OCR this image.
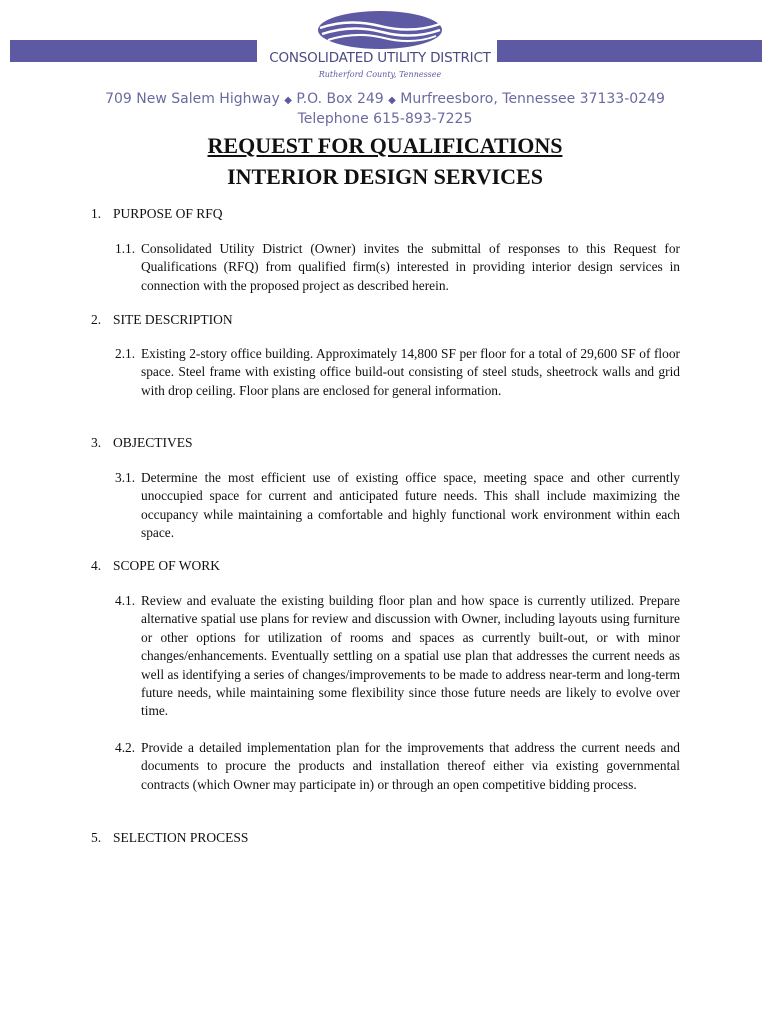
CONSOLIDATED UTILITY DISTRICT
Rutherford County, Tennessee
709 New Salem Highway ◆ P.O. Box 249 ◆ Murfreesboro, Tennessee 37133-0249
Telephone 615-893-7225
REQUEST FOR QUALIFICATIONS
INTERIOR DESIGN SERVICES
1. PURPOSE OF RFQ
1.1. Consolidated Utility District (Owner) invites the submittal of responses to this Request for Qualifications (RFQ) from qualified firm(s) interested in providing interior design services in connection with the proposed project as described herein.
2. SITE DESCRIPTION
2.1. Existing 2-story office building. Approximately 14,800 SF per floor for a total of 29,600 SF of floor space. Steel frame with existing office build-out consisting of steel studs, sheetrock walls and grid with drop ceiling. Floor plans are enclosed for general information.
3. OBJECTIVES
3.1. Determine the most efficient use of existing office space, meeting space and other currently unoccupied space for current and anticipated future needs. This shall include maximizing the occupancy while maintaining a comfortable and highly functional work environment within each space.
4. SCOPE OF WORK
4.1. Review and evaluate the existing building floor plan and how space is currently utilized. Prepare alternative spatial use plans for review and discussion with Owner, including layouts using furniture or other options for utilization of rooms and spaces as currently built-out, or with minor changes/enhancements. Eventually settling on a spatial use plan that addresses the current needs as well as identifying a series of changes/improvements to be made to address near-term and long-term future needs, while maintaining some flexibility since those future needs are likely to evolve over time.
4.2. Provide a detailed implementation plan for the improvements that address the current needs and documents to procure the products and installation thereof either via existing governmental contracts (which Owner may participate in) or through an open competitive bidding process.
5. SELECTION PROCESS
